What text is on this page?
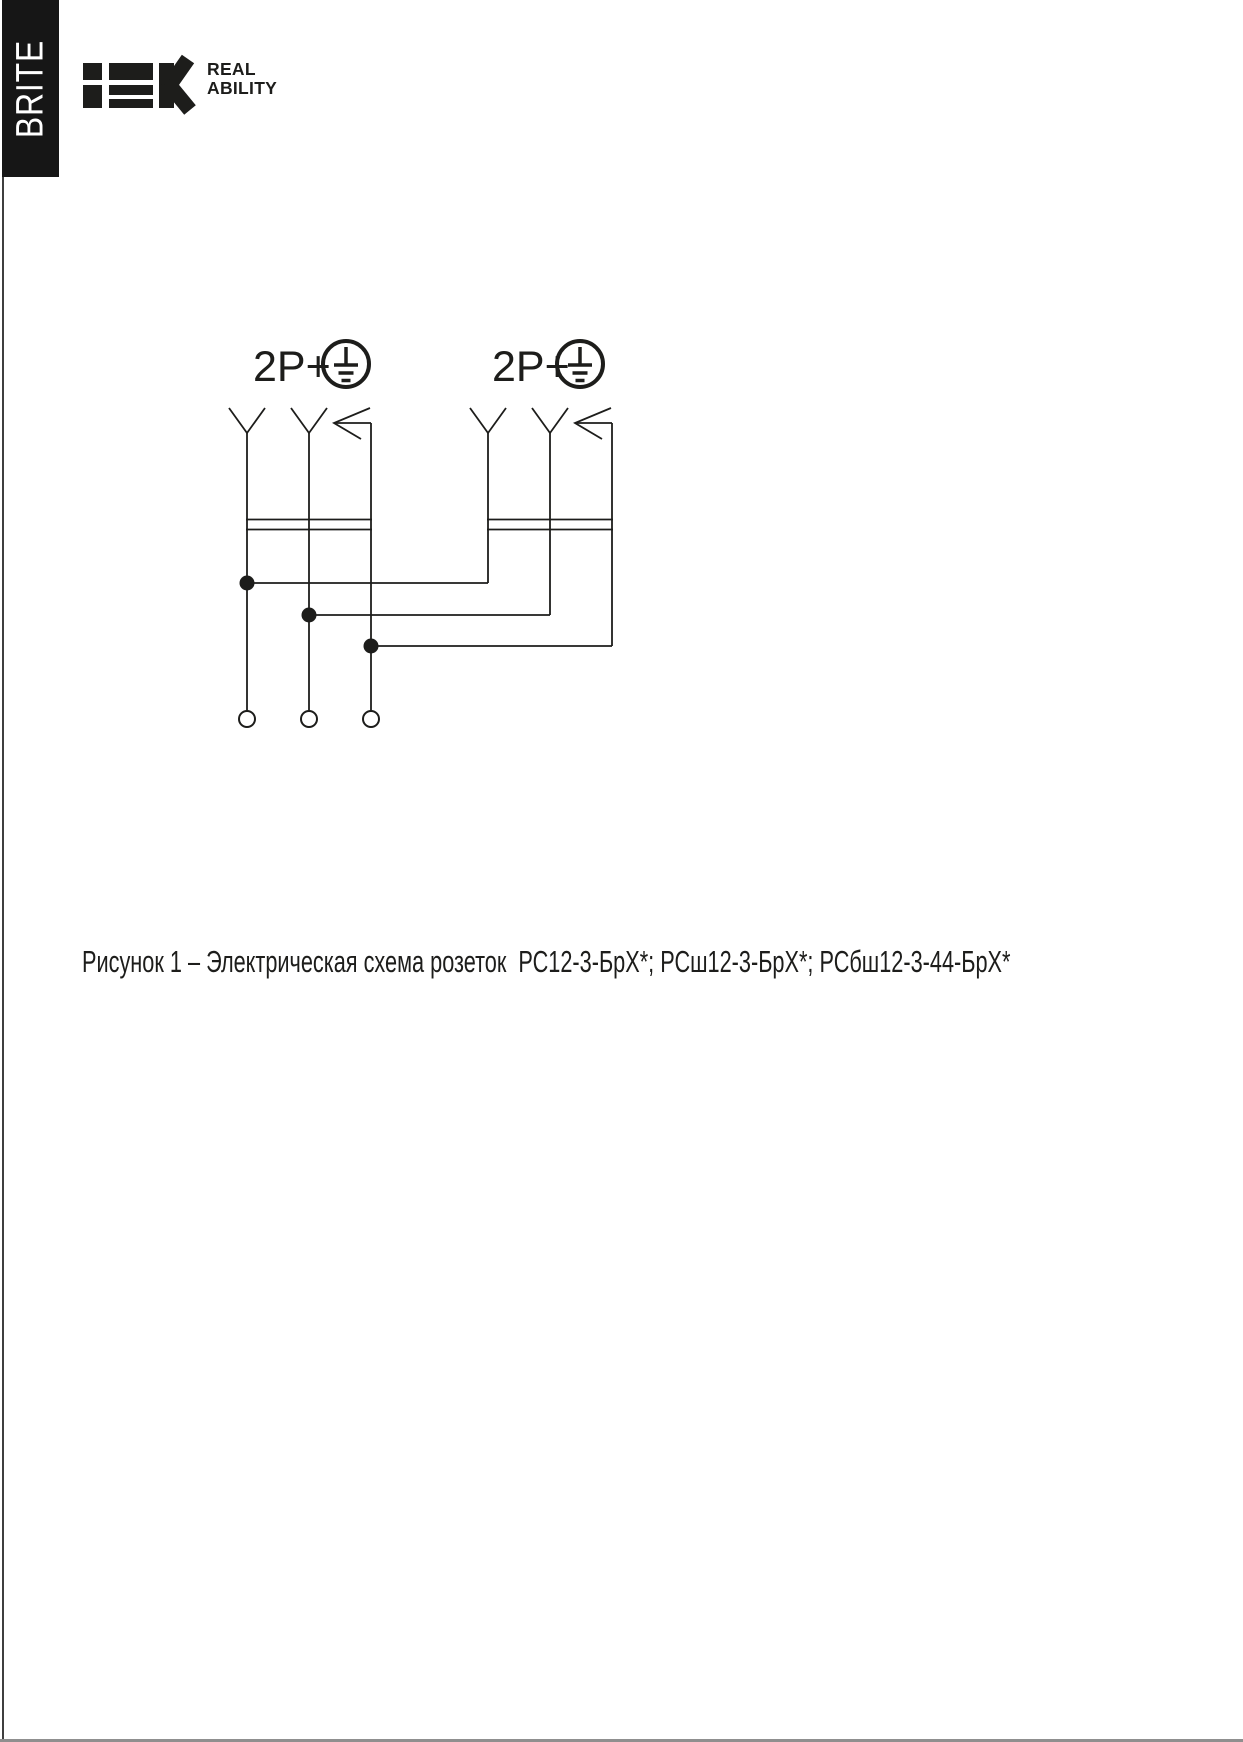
BRITE	REAL
ABILITY
2P+	2P+

Рисунок 1 – Электрическая схема розеток  РС12-3-БрХ*; РСш12-3-БрХ*; РСбш12-3-44-БрХ*
